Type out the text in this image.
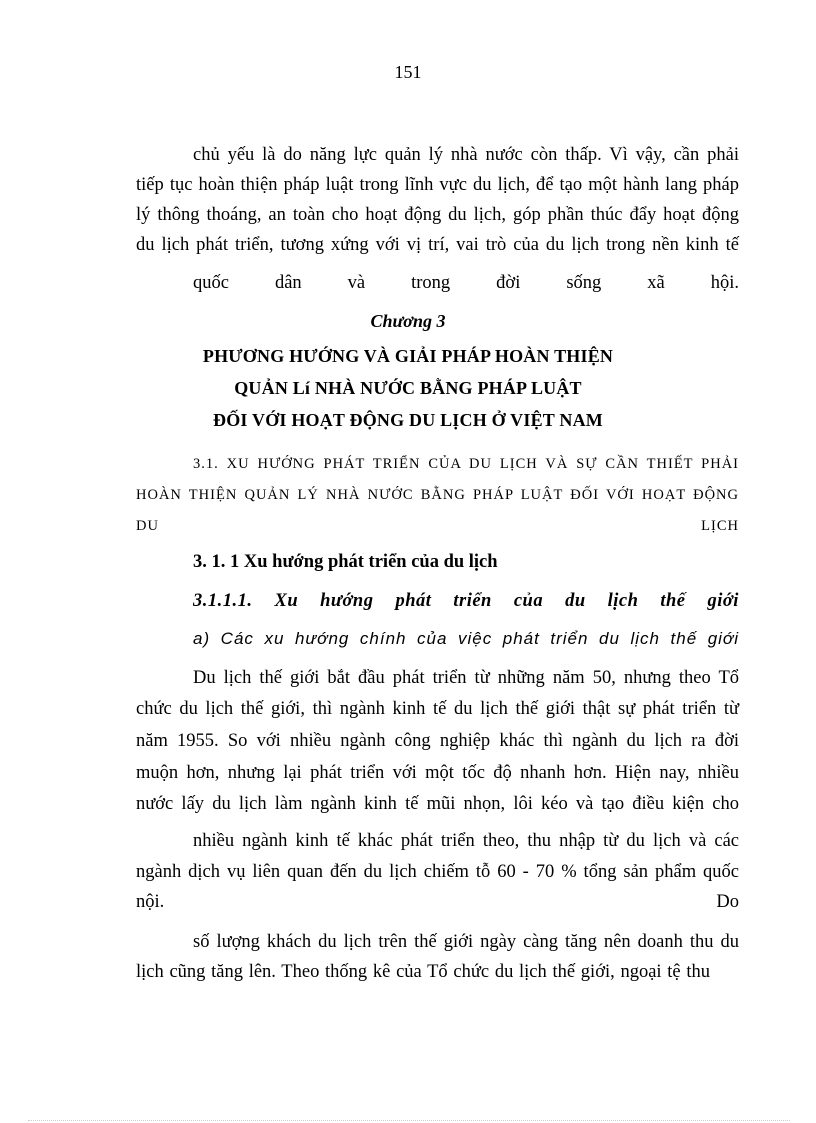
151
chủ yếu là do năng lực quản lý nhà nước còn thấp. Vì vậy, cần phải
tiếp tục hoàn thiện pháp luật trong lĩnh vực du lịch, để tạo một hành lang pháp
lý thông thoáng, an toàn cho hoạt động du lịch, góp phần thúc đẩy hoạt động
du lịch phát triển, tương xứng với vị trí, vai trò của du lịch trong nền kinh tế
quốc dân và trong đời sống xã hội.
Chương 3
PHƯƠNG HƯỚNG VÀ GIẢI PHÁP HOÀN THIỆN
QUẢN Lí NHÀ NƯỚC BẰNG PHÁP LUẬT
ĐỐI VỚI HOẠT ĐỘNG DU LỊCH Ở VIỆT NAM
3.1. XU HƯỚNG PHÁT TRIỂN CỦA DU LỊCH VÀ SỰ CẦN THIẾT PHẢI
HOÀN THIỆN QUẢN LÝ NHÀ NƯỚC BẰNG PHÁP LUẬT ĐỐI VỚI HOẠT ĐỘNG
DU	LỊCH
3. 1. 1 Xu hướng phát triển của du lịch
3.1.1.1. Xu hướng phát triển của du lịch thế giới
a) Các xu hướng chính của việc phát triển du lịch thế giới
Du lịch thế giới bắt đầu phát triển từ những năm 50, nhưng theo Tổ
chức du lịch thế giới, thì ngành kinh tế du lịch thế giới thật sự phát triển từ
năm 1955. So với nhiều ngành công nghiệp khác thì ngành du lịch ra đời
muộn hơn, nhưng lại phát triển với một tốc độ nhanh hơn. Hiện nay, nhiều
nước lấy du lịch làm ngành kinh tế mũi nhọn, lôi kéo và tạo điều kiện cho
nhiều ngành kinh tế khác phát triển theo, thu nhập từ du lịch và các
ngành dịch vụ liên quan đến du lịch chiếm tỗ 60 - 70 % tổng sản phẩm quốc
nội.	Do
số lượng khách du lịch trên thế giới ngày càng tăng nên doanh thu du
lịch cũng tăng lên. Theo thống kê của Tổ chức du lịch thế giới, ngoại tệ thu
